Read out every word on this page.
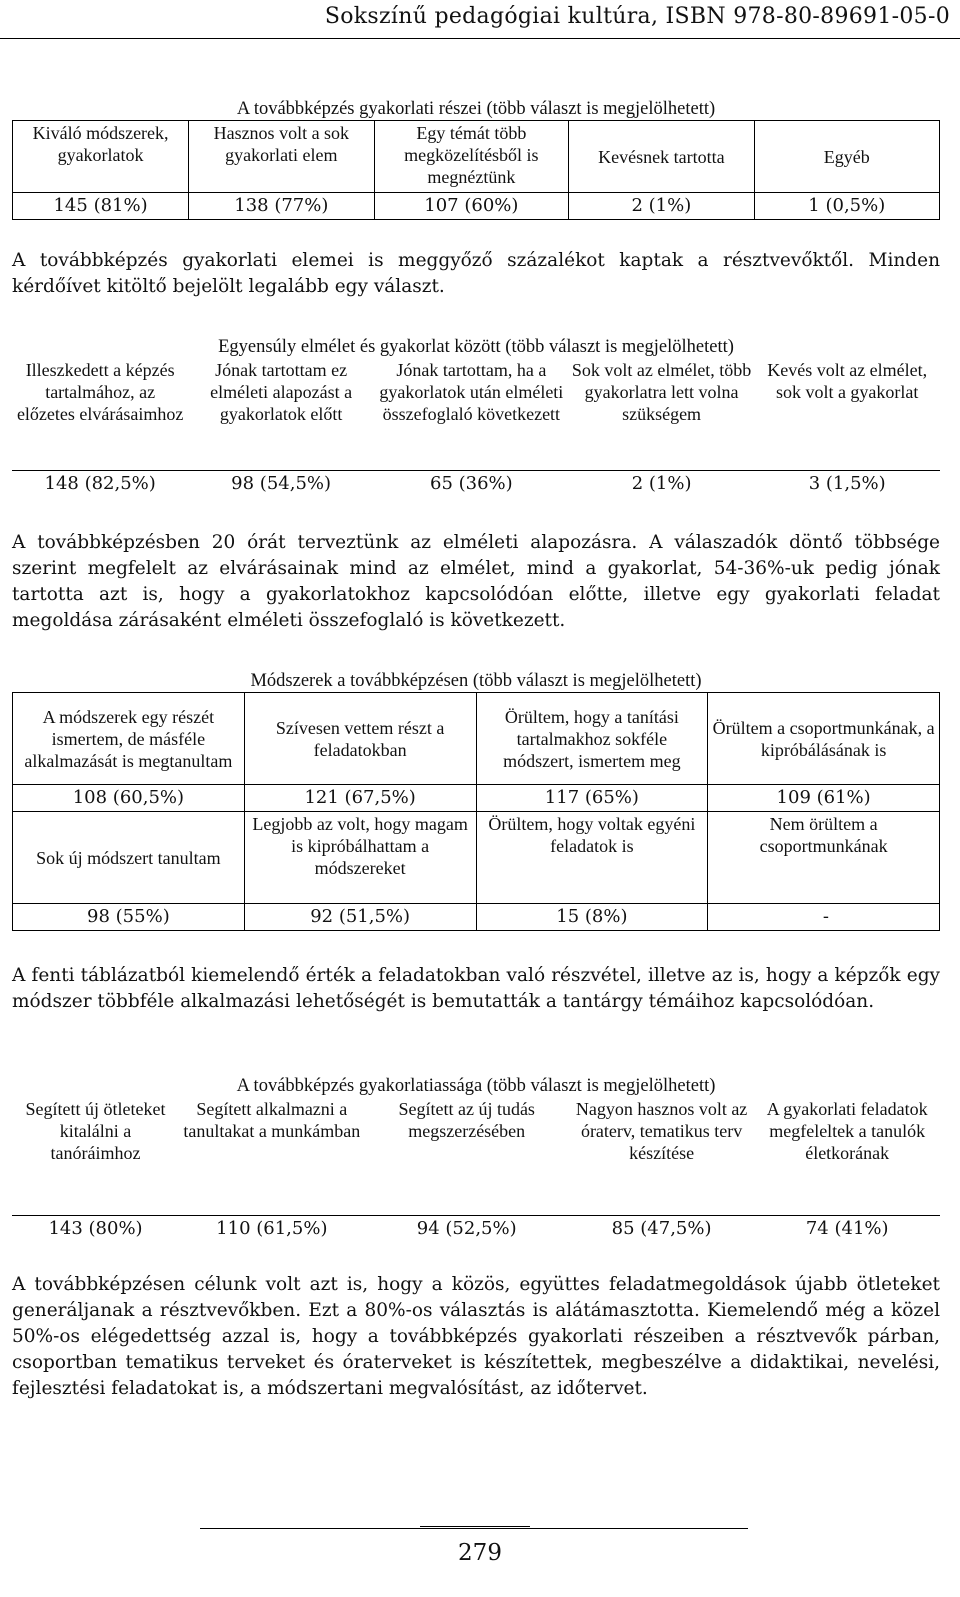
Sokszínű pedagógiai kultúra, ISBN 978-80-89691-05-0
A továbbképzés gyakorlati részei (több választ is megjelölhetett)
Kiváló módszerek, gyakorlatok	Hasznos volt a sok gyakorlati elem	Egy témát több megközelítésből is megnéztünk	Kevésnek tartotta	Egyéb
145 (81%)	138 (77%)	107 (60%)	2 (1%)	1 (0,5%)
A továbbképzés gyakorlati elemei is meggyőző százalékot kaptak a résztvevőktől. Minden kérdőívet kitöltő bejelölt legalább egy választ.
Egyensúly elmélet és gyakorlat között (több választ is megjelölhetett)
Illeszkedett a képzés tartalmához, az előzetes elvárásaimhoz	Jónak tartottam ez elméleti alapozást a gyakorlatok előtt	Jónak tartottam, ha a gyakorlatok után elméleti összefoglaló következett	Sok volt az elmélet, több gyakorlatra lett volna szükségem	Kevés volt az elmélet, sok volt a gyakorlat
148 (82,5%)	98 (54,5%)	65 (36%)	2 (1%)	3 (1,5%)
A továbbképzésben 20 órát terveztünk az elméleti alapozásra. A válaszadók döntő többsége szerint megfelelt az elvárásainak mind az elmélet, mind a gyakorlat, 54-36%-uk pedig jónak tartotta azt is, hogy a gyakorlatokhoz kapcsolódóan előtte, illetve egy gyakorlati feladat megoldása zárásaként elméleti összefoglaló is következett.
Módszerek a továbbképzésen (több választ is megjelölhetett)
A módszerek egy részét ismertem, de másféle alkalmazását is megtanultam	Szívesen vettem részt a feladatokban	Örültem, hogy a tanítási tartalmakhoz sokféle módszert, ismertem meg	Örültem a csoportmunkának, a kipróbálásának is
108 (60,5%)	121 (67,5%)	117 (65%)	109 (61%)
Sok új módszert tanultam	Legjobb az volt, hogy magam is kipróbálhattam a módszereket	Örültem, hogy voltak egyéni feladatok is	Nem örültem a csoportmunkának
98 (55%)	92 (51,5%)	15 (8%)	-
A fenti táblázatból kiemelendő érték a feladatokban való részvétel, illetve az is, hogy a képzők egy módszer többféle alkalmazási lehetőségét is bemutatták a tantárgy témáihoz kapcsolódóan.
A továbbképzés gyakorlatiassága (több választ is megjelölhetett)
Segített új ötleteket kitalálni a tanóráimhoz	Segített alkalmazni a tanultakat a munkámban	Segített az új tudás megszerzésében	Nagyon hasznos volt az óraterv, tematikus terv készítése	A gyakorlati feladatok megfeleltek a tanulók életkorának
143 (80%)	110 (61,5%)	94 (52,5%)	85 (47,5%)	74 (41%)
A továbbképzésen célunk volt azt is, hogy a közös, együttes feladatmegoldások újabb ötleteket generáljanak a résztvevőkben. Ezt a 80%-os választás is alátámasztotta. Kiemelendő még a közel 50%-os elégedettség azzal is, hogy a továbbképzés gyakorlati részeiben a résztvevők párban, csoportban tematikus terveket és óraterveket is készítettek, megbeszélve a didaktikai, nevelési, fejlesztési feladatokat is, a módszertani megvalósítást, az időtervet.
279
